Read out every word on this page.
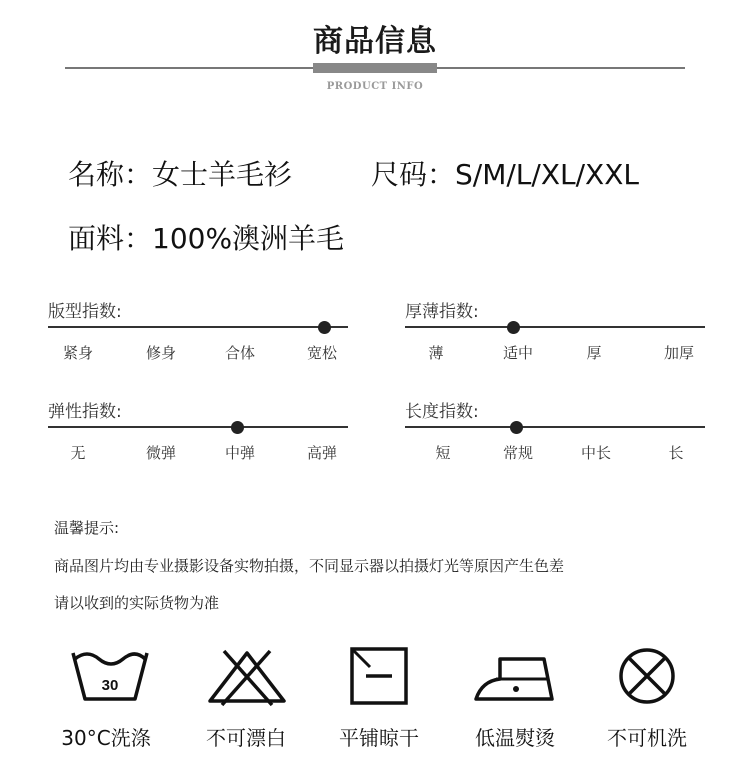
商品信息
PRODUCT INFO
名称：女士羊毛衫	尺码：S/M/L/XL/XXL
面料：100%澳洲羊毛
版型指数:
紧身	修身	合体	宽松
厚薄指数:
薄	适中	厚	加厚
弹性指数:
无	微弹	中弹	高弹
长度指数:
短	常规	中长	长
温馨提示:
商品图片均由专业摄影设备实物拍摄，不同显示器以拍摄灯光等原因产生色差
请以收到的实际货物为准
30
30°C洗涤	不可漂白	平铺晾干	低温熨烫	不可机洗
